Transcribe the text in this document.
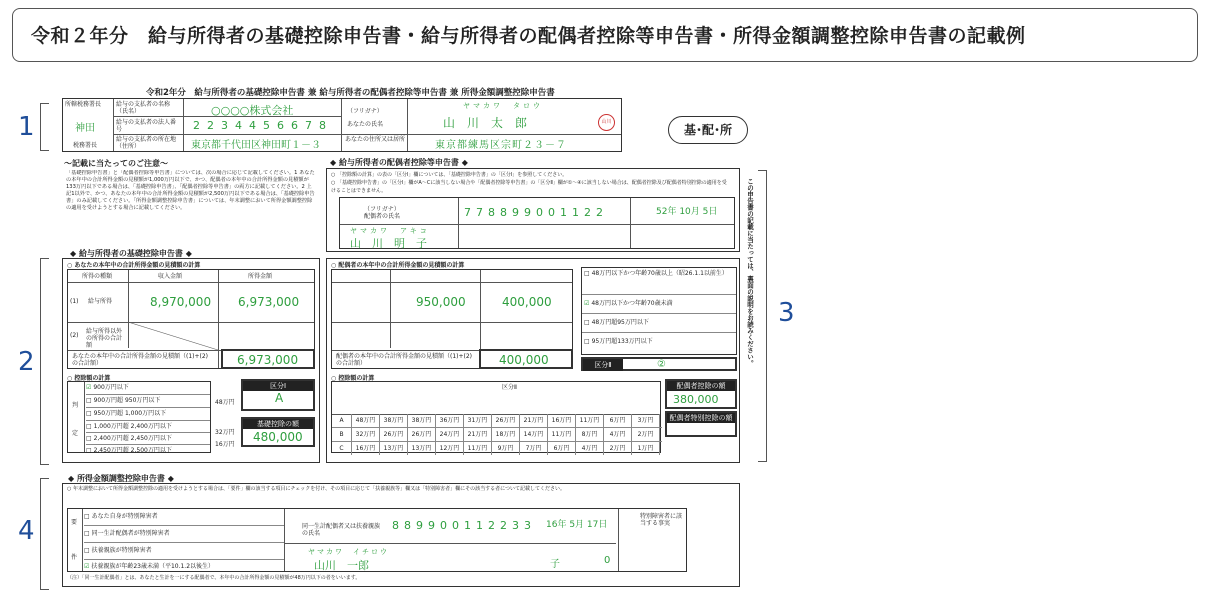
令和２年分　給与所得者の基礎控除申告書・給与所得者の配偶者控除等申告書・所得金額調整控除申告書の記載例
1
2
3
4
令和2年分　給与所得者の基礎控除申告書 兼 給与所得者の配偶者控除等申告書 兼 所得金額調整控除申告書
基･配･所
所轄税務署長
神田
税務署長
給与の支払者の名称（氏名）	○○○○株式会社
給与の支払者の法人番号	2234456678
給与の支払者の所在地（住所）	東京都千代田区神田町１－３
（フリガナ）
ヤマカワ　タロウ
あなたの氏名	山　川　太　郎	山川
あなたの住所又は居所
東京都練馬区宗町２３－７
～記載に当たってのご注意～
「基礎控除申告書」と「配偶者控除等申告書」については、次の場合に応じて記載してください。1 あなたの本年中の合計所得金額の見積額が1,000万円以下で、かつ、配偶者の本年中の合計所得金額の見積額が133万円以下である場合は、「基礎控除申告書」、「配偶者控除等申告書」の両方に記載してください。2 上記1以外で、かつ、あなたの本年中の合計所得金額の見積額が2,500万円以下である場合は、「基礎控除申告書」のみ記載してください。「所得金額調整控除申告書」については、年末調整において所得金額調整控除の適用を受けようとする場合に記載してください。
◆ 給与所得者の基礎控除申告書 ◆
○ あなたの本年中の合計所得金額の見積額の計算
所得の種類	収入金額	所得金額
(1) 給与所得	8,970,000 6,973,000
(2)
給与所得以外の所得の合計額
あなたの本年中の合計所得金額の見積額（(1)+(2)の合計額）	6,973,000
○ 控除額の計算
判

定
☑ 900万円以下
□ 900万円超 950万円以下
□ 950万円超 1,000万円以下
□ 1,000万円超 2,400万円以下
□ 2,400万円超 2,450万円以下
□ 2,450万円超 2,500万円以下
48万円
32万円
16万円
区分Ⅰ
A
基礎控除の額
480,000
◆ 給与所得者の配偶者控除等申告書 ◆
○ 「控除額の計算」の表の「区分Ⅰ」欄については、「基礎控除申告書」の「区分Ⅰ」を参照してください。
○ 「基礎控除申告書」の「区分Ⅰ」欄がA～Cに該当しない場合や「配偶者控除等申告書」の「区分Ⅱ」欄が①～④に該当しない場合は、配偶者控除及び配偶者特別控除の適用を受けることはできません。
（フリガナ）
配偶者の氏名	778899001122	52年 10月 5日
ヤマカワ　アキコ
山　川　明　子
○ 配偶者の本年中の合計所得金額の見積額の計算
950,000	400,000
配偶者の本年中の合計所得金額の見積額（(1)+(2)の合計額）	400,000
□ 48万円以下かつ年齢70歳以上（昭26.1.1以前生）
☑ 48万円以下かつ年齢70歳未満
□ 48万円超95万円以下
□ 95万円超133万円以下
区分Ⅱ	②
○ 控除額の計算
区分Ⅱ
A	48万円	38万円	38万円	36万円	31万円	26万円	21万円	16万円	11万円	6万円	3万円
B	32万円	26万円	26万円	24万円	21万円	18万円	14万円	11万円	8万円	4万円	2万円
C	16万円	13万円	13万円	12万円	11万円	9万円	7万円	6万円	4万円	2万円	1万円
配偶者控除の額
380,000
配偶者特別控除の額
この申告書の記載に当たっては、裏面の説明をお読みください。
◆ 所得金額調整控除申告書 ◆
○ 年末調整において所得金額調整控除の適用を受けようとする場合は、「要件」欄の該当する項目にチェックを付け、その項目に応じて「扶養親族等」欄又は「特別障害者」欄にその該当する者について記載してください。
要

件
□ あなた自身が特別障害者
□ 同一生計配偶者が特別障害者
□ 扶養親族が特別障害者
☑ 扶養親族が年齢23歳未満（平10.1.2以後生）
同一生計配偶者又は扶養親族の氏名
889900112233 16年 5月 17日
ヤマカワ　イチロウ
山川　一郎	子	0
特別障害者に該当する事実
（注）「同一生計配偶者」とは、あなたと生計を一にする配偶者で、本年中の合計所得金額の見積額が48万円以下の者をいいます。
